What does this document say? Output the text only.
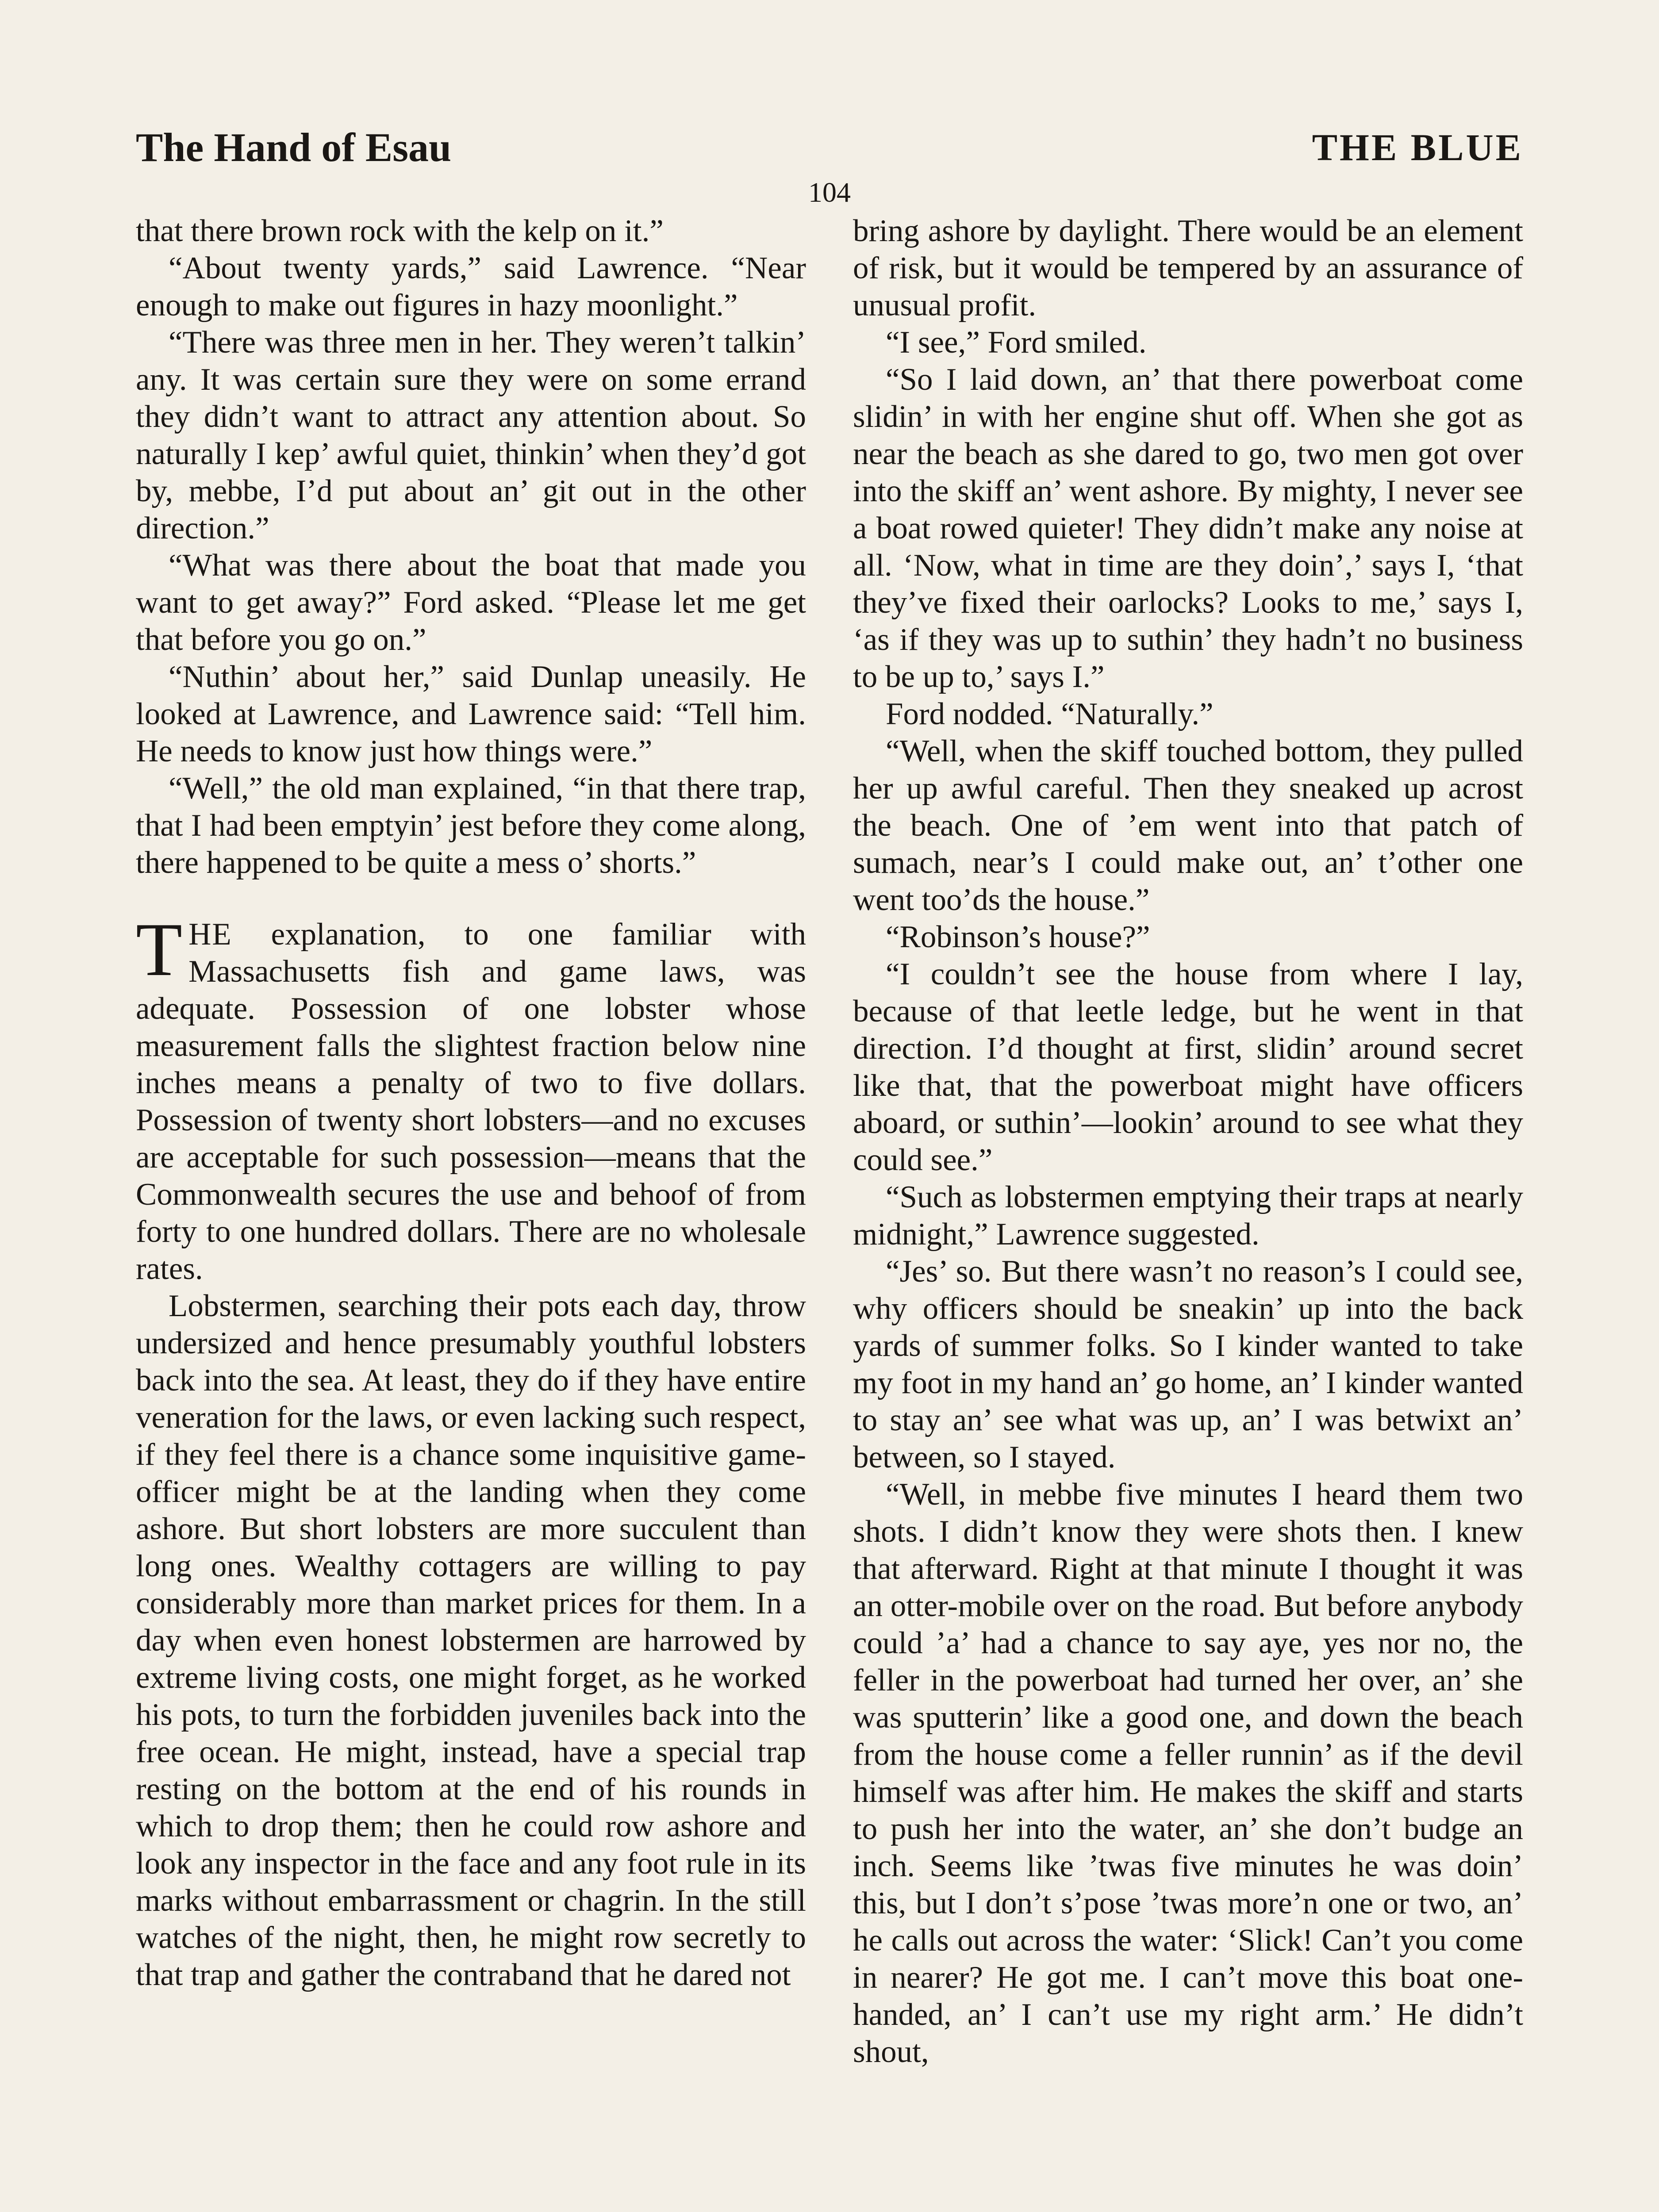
The Hand of Esau	THE BLUE
104

that there brown rock with the kelp on it.”

“About twenty yards,” said Lawrence. “Near enough to make out figures in hazy moonlight.”

“There was three men in her. They weren’t talkin’ any. It was certain sure they were on some errand they didn’t want to attract any attention about. So naturally I kep’ awful quiet, thinkin’ when they’d got by, mebbe, I’d put about an’ git out in the other direction.”

“What was there about the boat that made you want to get away?” Ford asked. “Please let me get that before you go on.”

“Nuthin’ about her,” said Dunlap uneasily. He looked at Lawrence, and Lawrence said: “Tell him. He needs to know just how things were.”

“Well,” the old man explained, “in that there trap, that I had been emptyin’ jest before they come along, there happened to be quite a mess o’ shorts.”

THE explanation, to one familiar with Massachusetts fish and game laws, was adequate. Possession of one lobster whose measurement falls the slightest fraction below nine inches means a penalty of two to five dollars. Possession of twenty short lobsters—and no excuses are acceptable for such possession—means that the Commonwealth secures the use and behoof of from forty to one hundred dollars. There are no wholesale rates.

Lobstermen, searching their pots each day, throw undersized and hence presumably youthful lobsters back into the sea. At least, they do if they have entire veneration for the laws, or even lacking such respect, if they feel there is a chance some inquisitive game-officer might be at the landing when they come ashore. But short lobsters are more succulent than long ones. Wealthy cottagers are willing to pay considerably more than market prices for them. In a day when even honest lobstermen are harrowed by extreme living costs, one might forget, as he worked his pots, to turn the forbidden juveniles back into the free ocean. He might, instead, have a special trap resting on the bottom at the end of his rounds in which to drop them; then he could row ashore and look any inspector in the face and any foot rule in its marks without embarrassment or chagrin. In the still watches of the night, then, he might row secretly to that trap and gather the contraband that he dared not

bring ashore by daylight. There would be an element of risk, but it would be tempered by an assurance of unusual profit.

“I see,” Ford smiled.

“So I laid down, an’ that there powerboat come slidin’ in with her engine shut off. When she got as near the beach as she dared to go, two men got over into the skiff an’ went ashore. By mighty, I never see a boat rowed quieter! They didn’t make any noise at all. ‘Now, what in time are they doin’,’ says I, ‘that they’ve fixed their oarlocks? Looks to me,’ says I, ‘as if they was up to suthin’ they hadn’t no business to be up to,’ says I.”

Ford nodded. “Naturally.”

“Well, when the skiff touched bottom, they pulled her up awful careful. Then they sneaked up acrost the beach. One of ’em went into that patch of sumach, near’s I could make out, an’ t’other one went too’ds the house.”

“Robinson’s house?”

“I couldn’t see the house from where I lay, because of that leetle ledge, but he went in that direction. I’d thought at first, slidin’ around secret like that, that the powerboat might have officers aboard, or suthin’—lookin’ around to see what they could see.”

“Such as lobstermen emptying their traps at nearly midnight,” Lawrence suggested.

“Jes’ so. But there wasn’t no reason’s I could see, why officers should be sneakin’ up into the back yards of summer folks. So I kinder wanted to take my foot in my hand an’ go home, an’ I kinder wanted to stay an’ see what was up, an’ I was betwixt an’ between, so I stayed.

“Well, in mebbe five minutes I heard them two shots. I didn’t know they were shots then. I knew that afterward. Right at that minute I thought it was an otter-mobile over on the road. But before anybody could ’a’ had a chance to say aye, yes nor no, the feller in the powerboat had turned her over, an’ she was sputterin’ like a good one, and down the beach from the house come a feller runnin’ as if the devil himself was after him. He makes the skiff and starts to push her into the water, an’ she don’t budge an inch. Seems like ’twas five minutes he was doin’ this, but I don’t s’pose ’twas more’n one or two, an’ he calls out across the water: ‘Slick! Can’t you come in nearer? He got me. I can’t move this boat one-handed, an’ I can’t use my right arm.’ He didn’t shout,
